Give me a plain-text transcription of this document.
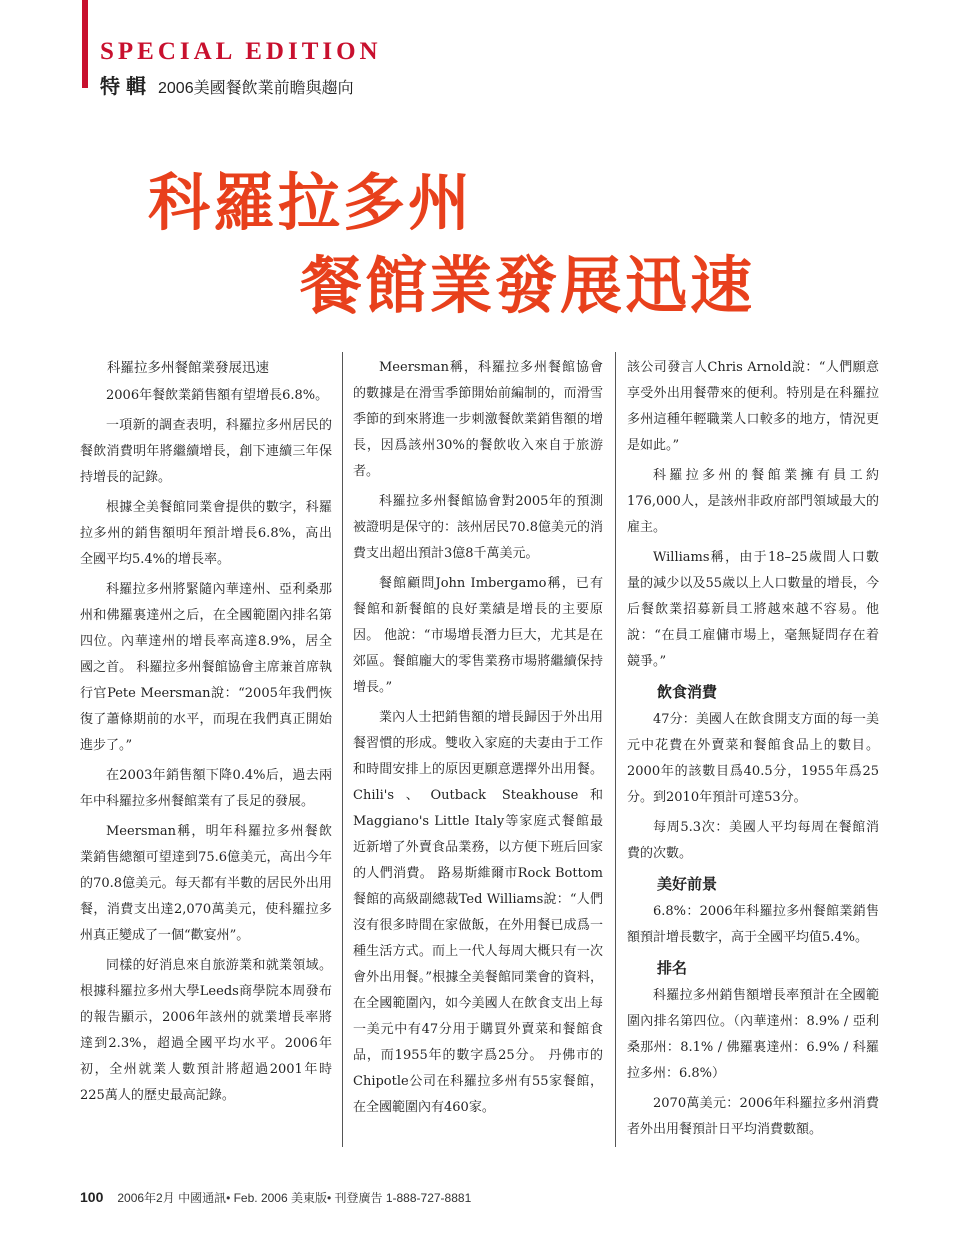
SPECIAL EDITION
特輯 2006美國餐飲業前瞻與趨向
科羅拉多州
餐館業發展迅速

科羅拉多州餐館業發展迅速

2006年餐飲業銷售額有望增長6.8%。

一項新的調查表明，科羅拉多州居民的餐飲消費明年將繼續增長，創下連續三年保持增長的記錄。

根據全美餐館同業會提供的數字，科羅拉多州的銷售額明年預計增長6.8%，高出全國平均5.4%的增長率。

科羅拉多州將緊隨內華達州、亞利桑那州和佛羅裏達州之后，在全國範圍內排名第四位。內華達州的增長率高達8.9%，居全國之首。 科羅拉多州餐館協會主席兼首席執行官Pete Meersman說：“2005年我們恢復了蕭條期前的水平，而現在我們真正開始進步了。”

在2003年銷售額下降0.4%后，過去兩年中科羅拉多州餐館業有了長足的發展。

Meersman稱，明年科羅拉多州餐飲業銷售總額可望達到75.6億美元，高出今年的70.8億美元。每天都有半數的居民外出用餐，消費支出達2,070萬美元，使科羅拉多州真正變成了一個“歡宴州”。

同樣的好消息來自旅游業和就業領域。根據科羅拉多州大學Leeds商學院本周發布的報告顯示，2006年該州的就業增長率將達到2.3%，超過全國平均水平。2006年初，全州就業人數預計將超過2001年時225萬人的歷史最高記錄。

Meersman稱，科羅拉多州餐館協會的數據是在滑雪季節開始前編制的，而滑雪季節的到來將進一步刺激餐飲業銷售額的增長，因爲該州30%的餐飲收入來自于旅游者。

科羅拉多州餐館協會對2005年的預測被證明是保守的：該州居民70.8億美元的消費支出超出預計3億8千萬美元。

餐館顧問John Imbergamo稱，已有餐館和新餐館的良好業績是增長的主要原因。 他說：“市場增長潛力巨大，尤其是在郊區。餐館龐大的零售業務市場將繼續保持增長。”

業內人士把銷售額的增長歸因于外出用餐習慣的形成。雙收入家庭的夫妻由于工作和時間安排上的原因更願意選擇外出用餐。Chili's、Outback Steakhouse和Maggiano's Little Italy等家庭式餐館最近新增了外賣食品業務，以方便下班后回家的人們消費。 路易斯維爾市Rock Bottom餐館的高級副總裁Ted Williams說：“人們沒有很多時間在家做飯，在外用餐已成爲一種生活方式。而上一代人每周大概只有一次會外出用餐。”根據全美餐館同業會的資料，在全國範圍內，如今美國人在飲食支出上每一美元中有47分用于購買外賣菜和餐館食品，而1955年的數字爲25分。 丹佛市的Chipotle公司在科羅拉多州有55家餐館，在全國範圍內有460家。

該公司發言人Chris Arnold說：“人們願意享受外出用餐帶來的便利。特別是在科羅拉多州這種年輕職業人口較多的地方，情況更是如此。”

科羅拉多州的餐館業擁有員工約176,000人，是該州非政府部門領域最大的雇主。

Williams稱，由于18–25歲間人口數量的減少以及55歲以上人口數量的增長，今后餐飲業招募新員工將越來越不容易。他說：“在員工雇傭市場上，毫無疑問存在着競爭。”

飲食消費

47分：美國人在飲食開支方面的每一美元中花費在外賣菜和餐館食品上的數目。2000年的該數目爲40.5分，1955年爲25分。到2010年預計可達53分。

每周5.3次：美國人平均每周在餐館消費的次數。

美好前景

6.8%：2006年科羅拉多州餐館業銷售額預計增長數字，高于全國平均值5.4%。

排名

科羅拉多州銷售額增長率預計在全國範圍內排名第四位。（內華達州：8.9% / 亞利桑那州：8.1% / 佛羅裏達州：6.9% / 科羅拉多州：6.8%）

2070萬美元：2006年科羅拉多州消費者外出用餐預計日平均消費數額。

100 2006年2月 中國通訊• Feb. 2006 美東版• 刊登廣告 1-888-727-8881
